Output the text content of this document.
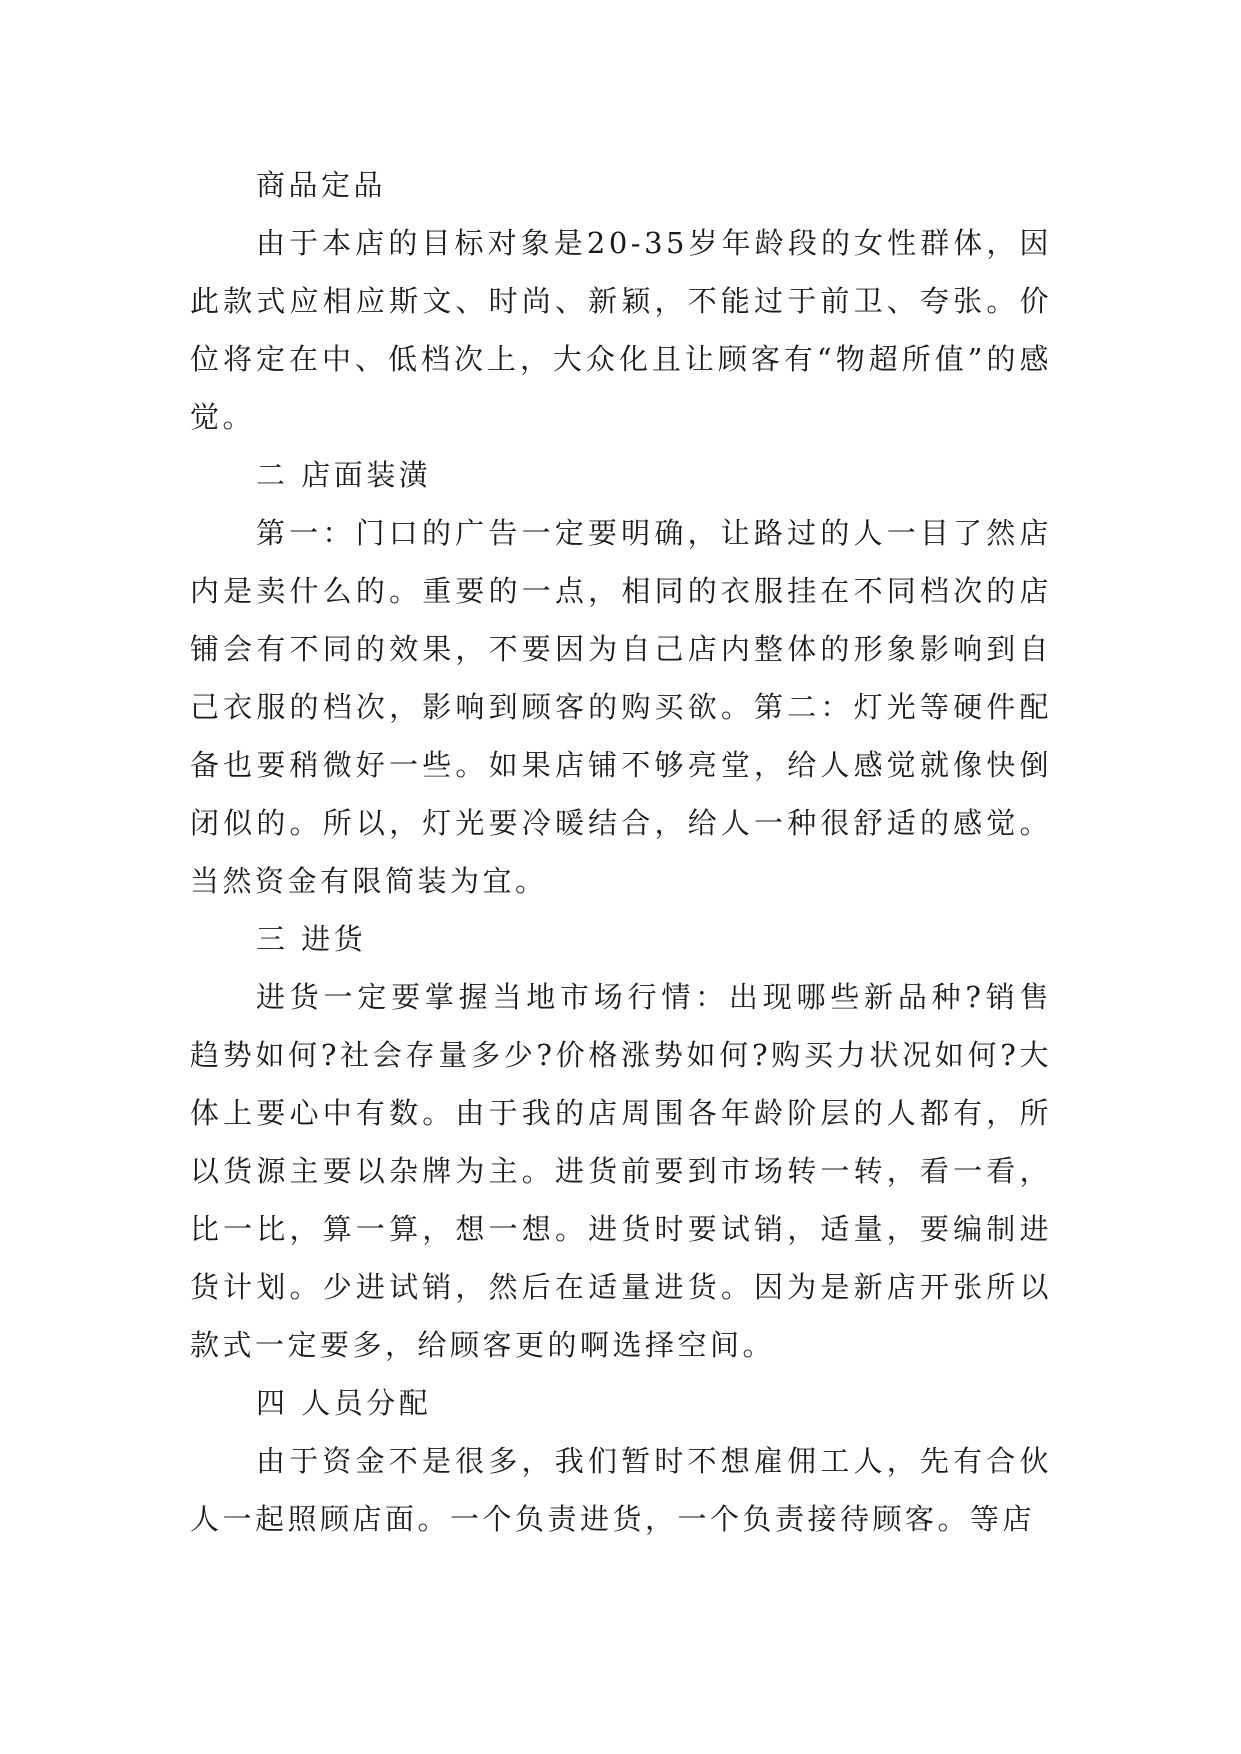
商品定品

由于本店的目标对象是20-35岁年龄段的女性群体，因此款式应相应斯文、时尚、新颖，不能过于前卫、夸张。价位将定在中、低档次上，大众化且让顾客有“物超所值”的感觉。

二 店面装潢

第一：门口的广告一定要明确，让路过的人一目了然店内是卖什么的。重要的一点，相同的衣服挂在不同档次的店铺会有不同的效果，不要因为自己店内整体的形象影响到自己衣服的档次，影响到顾客的购买欲。第二：灯光等硬件配备也要稍微好一些。如果店铺不够亮堂，给人感觉就像快倒闭似的。所以，灯光要冷暖结合，给人一种很舒适的感觉。当然资金有限简装为宜。

三 进货

进货一定要掌握当地市场行情：出现哪些新品种?销售趋势如何?社会存量多少?价格涨势如何?购买力状况如何?大体上要心中有数。由于我的店周围各年龄阶层的人都有，所以货源主要以杂牌为主。进货前要到市场转一转，看一看，比一比，算一算，想一想。进货时要试销，适量，要编制进货计划。少进试销，然后在适量进货。因为是新店开张所以款式一定要多，给顾客更的啊选择空间。

四 人员分配

由于资金不是很多，我们暂时不想雇佣工人，先有合伙人一起照顾店面。一个负责进货，一个负责接待顾客。等店
